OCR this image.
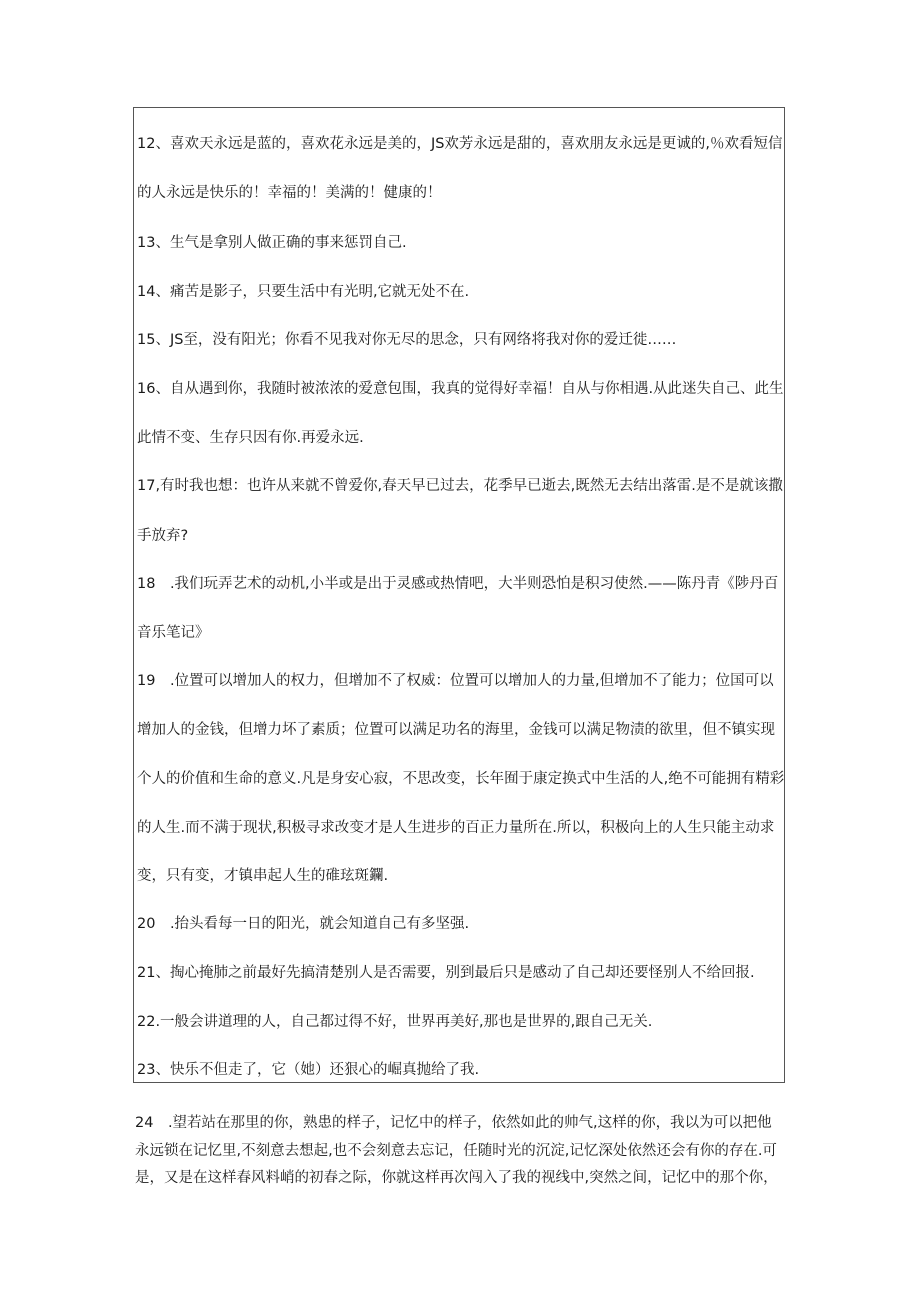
12、喜欢天永远是蓝的，喜欢花永远是美的，JS欢芳永远是甜的，喜欢朋友永远是更诚的,％欢看短信
的人永远是快乐的！幸福的！美满的！健康的！
13、生气是拿别人做正确的事来惩罚自己.
14、痛苦是影子，只要生活中有光明,它就无处不在.
15、JS至，没有阳光；你看不见我对你无尽的思念，只有网络将我对你的爱迁徙……
16、自从遇到你，我随时被浓浓的爱意包围，我真的觉得好幸福！自从与你相遇.从此迷失自己、此生
此情不变、生存只因有你.再爱永远.
17,有时我也想：也许从来就不曾爱你,春天早已过去，花季早已逝去,既然无去结出落雷.是不是就该撒
手放弃?
18　.我们玩弄艺术的动机,小半或是出于灵感或热情吧，大半则恐怕是积习使然.——陈丹青《陟丹百
音乐笔记》
19　.位置可以增加人的权力，但增加不了权威：位置可以增加人的力量,但增加不了能力；位国可以
增加人的金钱，但增力坏了素质；位置可以满足功名的海里，金钱可以满足物渍的欲里，但不镇实现
个人的价值和生命的意义.凡是身安心寂，不思改变，长年囿于康定换式中生活的人,绝不可能拥有精彩
的人生.而不满于现状,积极寻求改变才是人生进步的百正力量所在.所以，积极向上的人生只能主动求
变，只有变，才镇串起人生的碓玹斑鑭.
20　.抬头看每一日的阳光，就会知道自己有多坚强.
21、掏心掩肺之前最好先搞清楚别人是否需要，别到最后只是感动了自己却还要怪别人不给回报.
22.一般会讲道理的人，自己都过得不好，世界再美好,那也是世界的,跟自己无关.
23、快乐不但走了，它（她）还狠心的崛真抛给了我.
24　.望若站在那里的你，熟患的样子，记忆中的样子，依然如此的帅气,这样的你，我以为可以把他
永远锁在记忆里,不刻意去想起,也不会刻意去忘记，任随时光的沉淀,记忆深处依然还会有你的存在.可
是，又是在这样春风料峭的初春之际，你就这样再次闯入了我的视线中,突然之间，记忆中的那个你，
